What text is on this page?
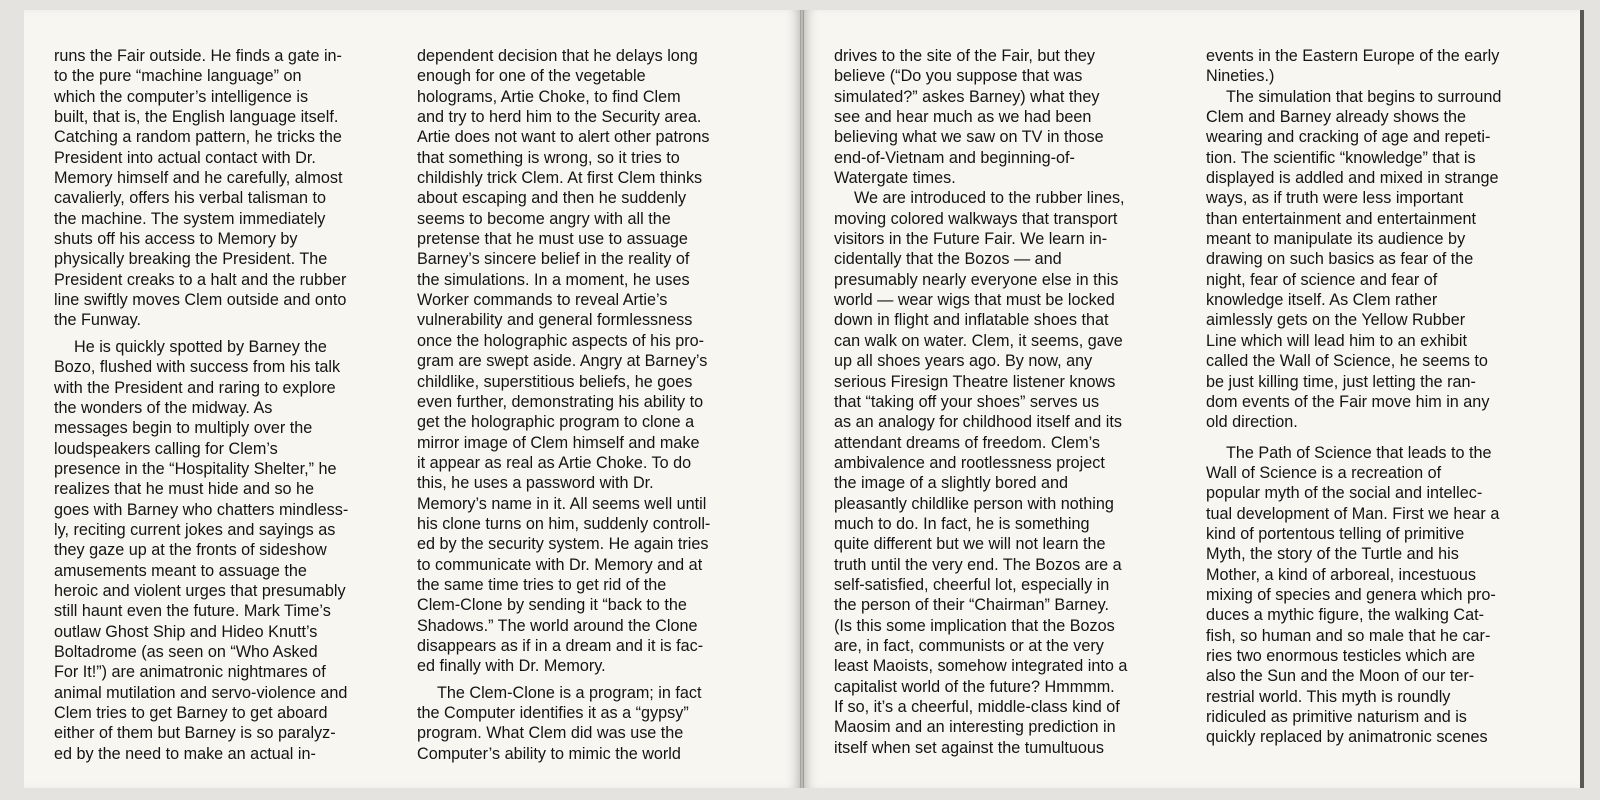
runs the Fair outside. He finds a gate in-

to the pure “machine language” on

which the computer’s intelligence is

built, that is, the English language itself.

Catching a random pattern, he tricks the

President into actual contact with Dr.

Memory himself and he carefully, almost

cavalierly, offers his verbal talisman to

the machine. The system immediately

shuts off his access to Memory by

physically breaking the President. The

President creaks to a halt and the rubber

line swiftly moves Clem outside and onto

the Funway.

He is quickly spotted by Barney the

Bozo, flushed with success from his talk

with the President and raring to explore

the wonders of the midway. As

messages begin to multiply over the

loudspeakers calling for Clem’s

presence in the “Hospitality Shelter,” he

realizes that he must hide and so he

goes with Barney who chatters mindless-

ly, reciting current jokes and sayings as

they gaze up at the fronts of sideshow

amusements meant to assuage the

heroic and violent urges that presumably

still haunt even the future. Mark Time’s

outlaw Ghost Ship and Hideo Knutt’s

Boltadrome (as seen on “Who Asked

For It!”) are animatronic nightmares of

animal mutilation and servo-violence and

Clem tries to get Barney to get aboard

either of them but Barney is so paralyz-

ed by the need to make an actual in-

dependent decision that he delays long

enough for one of the vegetable

holograms, Artie Choke, to find Clem

and try to herd him to the Security area.

Artie does not want to alert other patrons

that something is wrong, so it tries to

childishly trick Clem. At first Clem thinks

about escaping and then he suddenly

seems to become angry with all the

pretense that he must use to assuage

Barney’s sincere belief in the reality of

the simulations. In a moment, he uses

Worker commands to reveal Artie’s

vulnerability and general formlessness

once the holographic aspects of his pro-

gram are swept aside. Angry at Barney’s

childlike, superstitious beliefs, he goes

even further, demonstrating his ability to

get the holographic program to clone a

mirror image of Clem himself and make

it appear as real as Artie Choke. To do

this, he uses a password with Dr.

Memory’s name in it. All seems well until

his clone turns on him, suddenly controll-

ed by the security system. He again tries

to communicate with Dr. Memory and at

the same time tries to get rid of the

Clem-Clone by sending it “back to the

Shadows.” The world around the Clone

disappears as if in a dream and it is fac-

ed finally with Dr. Memory.

The Clem-Clone is a program; in fact

the Computer identifies it as a “gypsy”

program. What Clem did was use the

Computer’s ability to mimic the world

drives to the site of the Fair, but they

believe (“Do you suppose that was

simulated?” askes Barney) what they

see and hear much as we had been

believing what we saw on TV in those

end-of-Vietnam and beginning-of-

Watergate times.

We are introduced to the rubber lines,

moving colored walkways that transport

visitors in the Future Fair. We learn in-

cidentally that the Bozos — and

presumably nearly everyone else in this

world — wear wigs that must be locked

down in flight and inflatable shoes that

can walk on water. Clem, it seems, gave

up all shoes years ago. By now, any

serious Firesign Theatre listener knows

that “taking off your shoes” serves us

as an analogy for childhood itself and its

attendant dreams of freedom. Clem’s

ambivalence and rootlessness project

the image of a slightly bored and

pleasantly childlike person with nothing

much to do. In fact, he is something

quite different but we will not learn the

truth until the very end. The Bozos are a

self-satisfied, cheerful lot, especially in

the person of their “Chairman” Barney.

(Is this some implication that the Bozos

are, in fact, communists or at the very

least Maoists, somehow integrated into a

capitalist world of the future? Hmmmm.

If so, it’s a cheerful, middle-class kind of

Maosim and an interesting prediction in

itself when set against the tumultuous

events in the Eastern Europe of the early

Nineties.)

The simulation that begins to surround

Clem and Barney already shows the

wearing and cracking of age and repeti-

tion. The scientific “knowledge” that is

displayed is addled and mixed in strange

ways, as if truth were less important

than entertainment and entertainment

meant to manipulate its audience by

drawing on such basics as fear of the

night, fear of science and fear of

knowledge itself. As Clem rather

aimlessly gets on the Yellow Rubber

Line which will lead him to an exhibit

called the Wall of Science, he seems to

be just killing time, just letting the ran-

dom events of the Fair move him in any

old direction.

The Path of Science that leads to the

Wall of Science is a recreation of

popular myth of the social and intellec-

tual development of Man. First we hear a

kind of portentous telling of primitive

Myth, the story of the Turtle and his

Mother, a kind of arboreal, incestuous

mixing of species and genera which pro-

duces a mythic figure, the walking Cat-

fish, so human and so male that he car-

ries two enormous testicles which are

also the Sun and the Moon of our ter-

restrial world. This myth is roundly

ridiculed as primitive naturism and is

quickly replaced by animatronic scenes
